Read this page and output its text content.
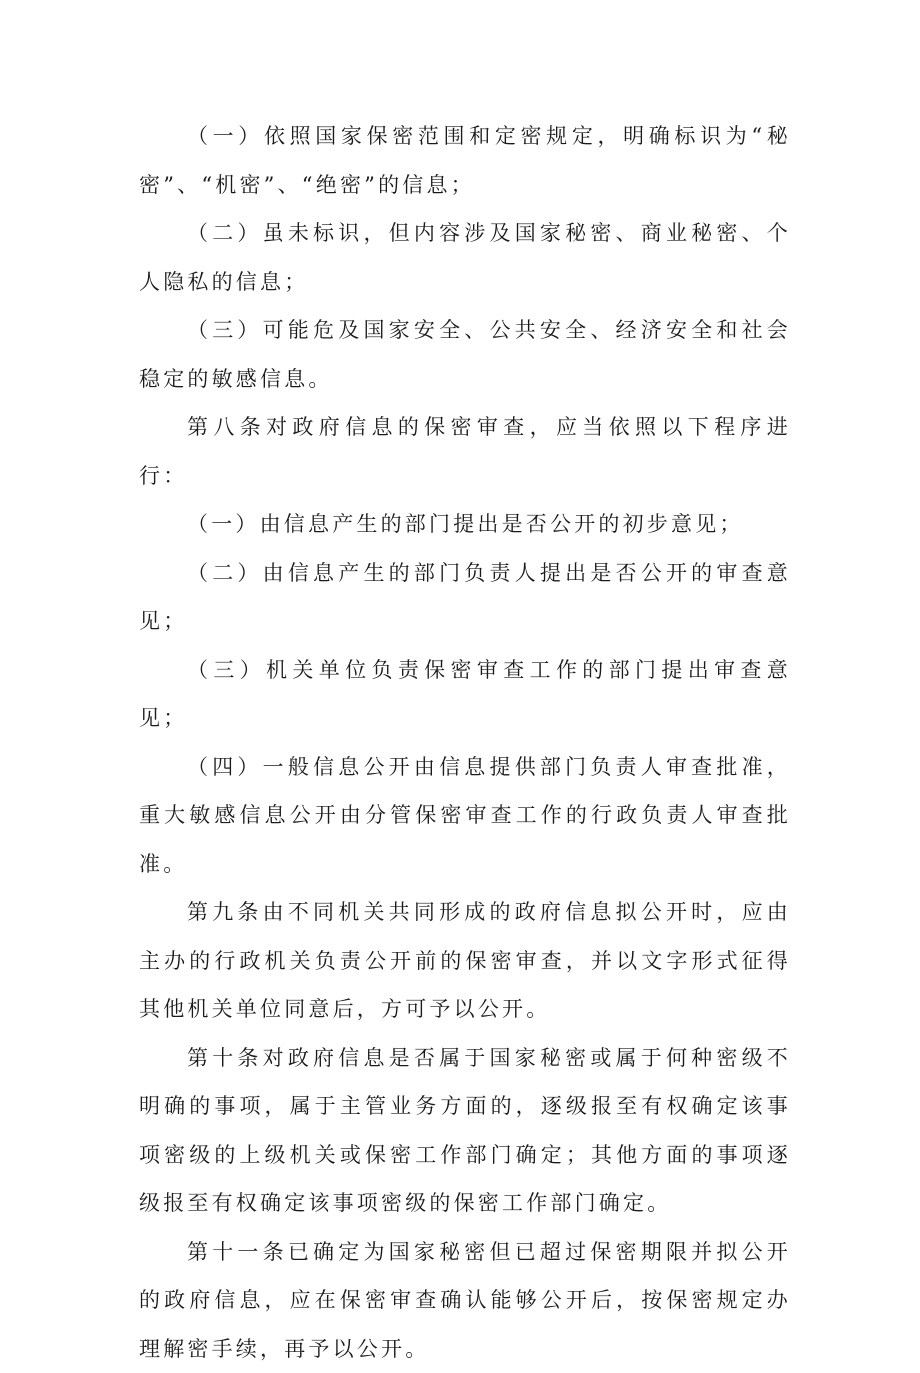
（一）依照国家保密范围和定密规定，明确标识为“秘密”、“机密”、“绝密”的信息；

（二）虽未标识，但内容涉及国家秘密、商业秘密、个人隐私的信息；

（三）可能危及国家安全、公共安全、经济安全和社会稳定的敏感信息。

第八条对政府信息的保密审查，应当依照以下程序进行：

（一）由信息产生的部门提出是否公开的初步意见；

（二）由信息产生的部门负责人提出是否公开的审查意见；

（三）机关单位负责保密审查工作的部门提出审查意见；

（四）一般信息公开由信息提供部门负责人审查批准，重大敏感信息公开由分管保密审查工作的行政负责人审查批准。

第九条由不同机关共同形成的政府信息拟公开时，应由主办的行政机关负责公开前的保密审查，并以文字形式征得其他机关单位同意后，方可予以公开。

第十条对政府信息是否属于国家秘密或属于何种密级不明确的事项，属于主管业务方面的，逐级报至有权确定该事项密级的上级机关或保密工作部门确定；其他方面的事项逐级报至有权确定该事项密级的保密工作部门确定。

第十一条已确定为国家秘密但已超过保密期限并拟公开的政府信息，应在保密审查确认能够公开后，按保密规定办理解密手续，再予以公开。
